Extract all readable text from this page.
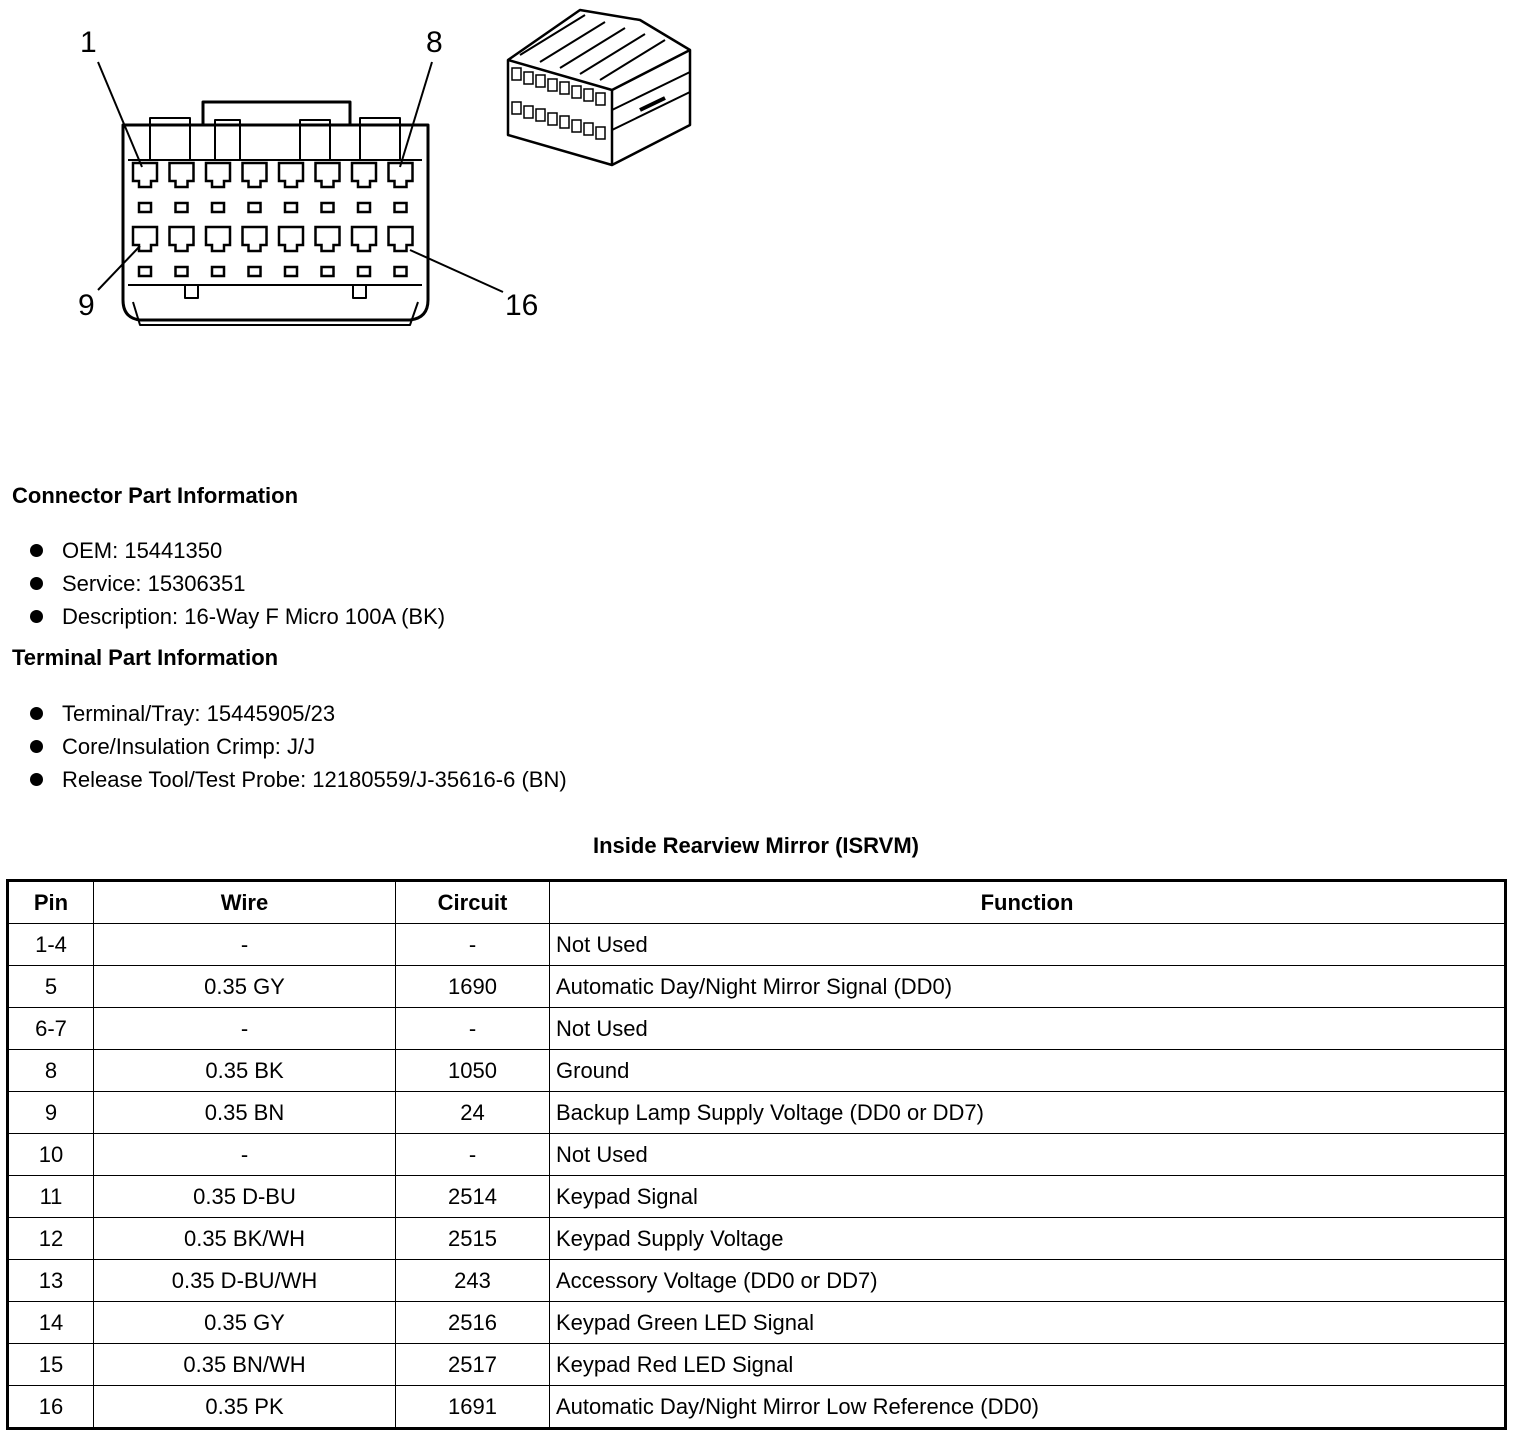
1	8
9	16
Connector Part Information
OEM: 15441350
Service: 15306351
Description: 16-Way F Micro 100A (BK)
Terminal Part Information
Terminal/Tray: 15445905/23
Core/Insulation Crimp: J/J
Release Tool/Test Probe: 12180559/J-35616-6 (BN)
Inside Rearview Mirror (ISRVM)
Pin	Wire	Circuit	Function
1-4	-	-	Not Used
5	0.35 GY	1690	Automatic Day/Night Mirror Signal (DD0)
6-7	-	-	Not Used
8	0.35 BK	1050	Ground
9	0.35 BN	24	Backup Lamp Supply Voltage (DD0 or DD7)
10	-	-	Not Used
11	0.35 D-BU	2514	Keypad Signal
12	0.35 BK/WH	2515	Keypad Supply Voltage
13	0.35 D-BU/WH	243	Accessory Voltage (DD0 or DD7)
14	0.35 GY	2516	Keypad Green LED Signal
15	0.35 BN/WH	2517	Keypad Red LED Signal
16	0.35 PK	1691	Automatic Day/Night Mirror Low Reference (DD0)
